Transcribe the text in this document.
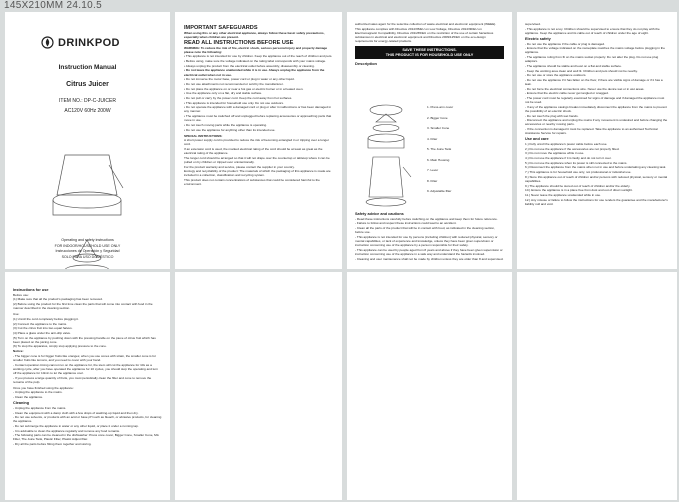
145X210MM 24.10.5
DRINKPOD

Instruction Manual

Citrus Juicer

ITEM NO.: DP-C-JUICER

AC120V 60Hz 200W

Operating and safety instructions

FOR INDOOR/HOUSEHOLD USE ONLY

Instrucciones de Operación y Seguridad

SOLO PARA USO DOMÉSTICO

IMPORTANT SAFEGUARDS

When using this or any other electrical appliance, always follow these basic safety precautions, especially when children are present.

READ ALL INSTRUCTIONS BEFORE USE

WARNING: To reduce the risk of fire, electric shock, serious personal injury and property damage please note the following:

• This appliance is not intended for use by children. Keep the appliance out of the reach of children and pets.

• Before using, make sure the voltage indicated on the rating label corresponds with your mains voltage.

• Always unplug the product from the electrical outlet before assembly, disassembly or cleaning.

• Do not leave the appliance unattended while it is in use. Always unplug the appliance from the electrical outlet when not in use.

• Do not immerse the motor base, power cord or plug in water or any other liquid.

• Do not use attachments not recommended or sold by the manufacturer.

• Do not place the appliance on or near a hot gas or electric burner or in a heated oven.

• Use the appliance only on a flat, dry and stable surface.

• Do not pull or carry by the power cord. Keep the cord away from hot surfaces.

• This appliance is intended for household use only. Do not use outdoors.

• Do not operate the appliance with a damaged cord or plug or after it malfunctions or has been damaged in any manner.

• The appliance must be switched off and unplugged before replacing accessories or approaching parts that move in use.

• Do not touch moving parts while the appliance is operating.

• Do not use the appliance for anything other than its intended use.

SPECIAL INSTRUCTIONS:

A short power supply cord is provided to reduce the risk of becoming entangled in or tripping over a longer cord.

If an extension cord is used, the marked electrical rating of the cord should be at least as great as the electrical rating of the appliance.

The longer cord should be arranged so that it will not drape over the countertop or tabletop where it can be pulled on by children or tripped over unintentionally.

For the product warranty and service, please contact the supplier in your country.

Ecology and recyclability of the product: The materials of which the packaging of this appliance is made are included in a collection, classification and recycling system.

This product does not contain concentrations of substances that could be considered harmful to the environment.

authorized sales agent for the selective collection of waste electrical and electronic equipment (WEEE).

This appliance complies with Directive 2014/35/EU on Low Voltage, Directive 2014/30/EU on Electromagnetic Compatibility, Directive 2011/65/EU on the restriction of the use of certain hazardous substances in electrical and electronic equipment and Directive 2009/125/EC on the eco-design requirements for energy-related products.

SAVE THESE INSTRUCTIONS.
THIS PRODUCT IS FOR HOUSEHOLD USE ONLY

Description

1. Press-arm cover
2. Bigger Cone
3. Smaller Cone
4. Filter
5. The Juice Tank
6. Main Housing
7. Lever
8. Filter
9. Adjustable filter

Safety advice and cautions

- Read these instructions carefully before switching on the appliance and keep them for future reference.

- Failure to follow and respect these instructions could lead to an accident.

- Clean all the parts of the product that will be in contact with food, as indicated in the cleaning section, before use.

- This appliance is not intended for use by persons (including children) with reduced physical, sensory or mental capabilities, or lack of experience and knowledge, unless they have been given supervision or instruction concerning use of the appliance by a person responsible for their safety.

- This appliance can be used by people aged from 8 years and above if they have been given supervision or instruction concerning use of the appliance in a safe way and understand the hazards involved.

- Cleaning and user maintenance shall not be made by children unless they are older than 8 and supervised.

supervised.

- This appliance is not a toy. Children should be supervised to ensure that they do not play with the appliance. Keep the appliance and its cable out of reach of children under the age of eight.

Electric safety

- Do not use the appliance if the cable or plug is damaged.

- Ensure that the voltage indicated on the nameplate matches the mains voltage before plugging in the appliance.

- The appliance ruling from fit on the mains socket properly. Do not alter the plug. Do not use plug adaptors.

- The appliance should be stable and level on a flat and stable surface.

- Keep the working area clean and well lit. Children and pets should not be nearby.

- Do not use or store the appliance outdoors.

- Do not use the appliance if it has fallen on the floor, if there are visible signs of damage or if it has a leak.

- Do not force the electrical connections wire. Never use the device wet or in wet areas.

- Ensure that the electric cable never get tangled or snagged.

- The power cord must be regularly examined for signs of damage and if damaged the appliance must not be used.

- If any of the appliance casings breaks immediately disconnect the appliance from the mains to prevent the possibility of an electric shock.

- Do not touch the plug with wet hands.

- Disconnect the appliance and unplug the mains if any movement is undesired and before changing the accessories or nearby moving parts.

- If the connection is damaged it must be replaced. Take the appliance to an authorised Technical Assistance Service for repairs.

Use and care

1.) Fully unroll the appliance's power cable before each use.

2.) Do not use the appliance if the accessories are not properly fitted.

3.) Do not move the appliance while in use.

4.) Do not use the appliance if it is faulty and do not turn it over.

5.) Do not use the appliance when its power is still connected to the mains.

6.) Disconnect the appliance from the mains when not in use and before undertaking any cleaning task.

7.) This appliance is for household use only, not professional or industrial use.

8.) Store this appliance out of reach of children and/or persons with reduced physical, sensory or mental capabilities.

9.) The appliance should be stored out of reach of children and/or the elderly.

10.) Ensure the appliance is in a place free from dust and out of direct sunlight.

11.) Never leave the appliance unattended while in use.

12.) Any misuse or failure to follow the instructions for use renders the guarantee and the manufacturer's liability null and void.

Instructions for use

Before use:

(1) Make sure that all the product's packaging has been removed.

(2) Before using the product for the first time clean the parts that will come into contact with food in the manner described in the cleaning section.

Use:

(1) Unroll the cord completely before plugging it.

(2) Connect the appliance to the mains.

(3) Cut the citrus fruit into two equal halves.

(4) Place a glass under the anti-drip valve.

(5) Turn on the appliance by pushing down with the pressing handle on the piece of citrus fruit which has been placed on the juicing cone.

(6) To stop the apparatus, simply stop applying pressure to the cone.

Notice:

- The bigger cone is for bigger fruits like oranges; when you use cones with strain, the smaller cone is for smaller fruits like lemons, and you need to cover with your hand.

- Contact operation timing cannot run on the appliance for, the stem will cut the appliance for 10s as a working cycle, after you have operated the appliance for 10 cycles, you should stop the operating and turn off the appliance for 10min to let the appliance cool.

- If you process a large quantity of fruits, you must periodically clean the filter and cone to remove the remains of the pulp.

Once you have finished using the appliance:

- Unplug the appliance to the mains.

- Clean the appliance.

Cleaning

- Unplug the appliance from the mains.

- Clean the equipment with a damp cloth with a few drops of washing-up liquid and then dry.

- Do not use solvents, or products with an acid or base pH such as bleach, or abrasive products, for cleaning the appliance.

- Do not submerge the appliance in water or any other liquid, or place it under a running tap.

- It is advisable to clean the appliance regularly and remove any food remains.

- The following parts can be cleaned in the dishwasher: Press cone cover, Bigger Cone, Smaller Cone, Mix Filter, The Juice Tank, Plastic Filter, Plastic Adjust filter.

- Dry all the parts before fitting them together and storing.
